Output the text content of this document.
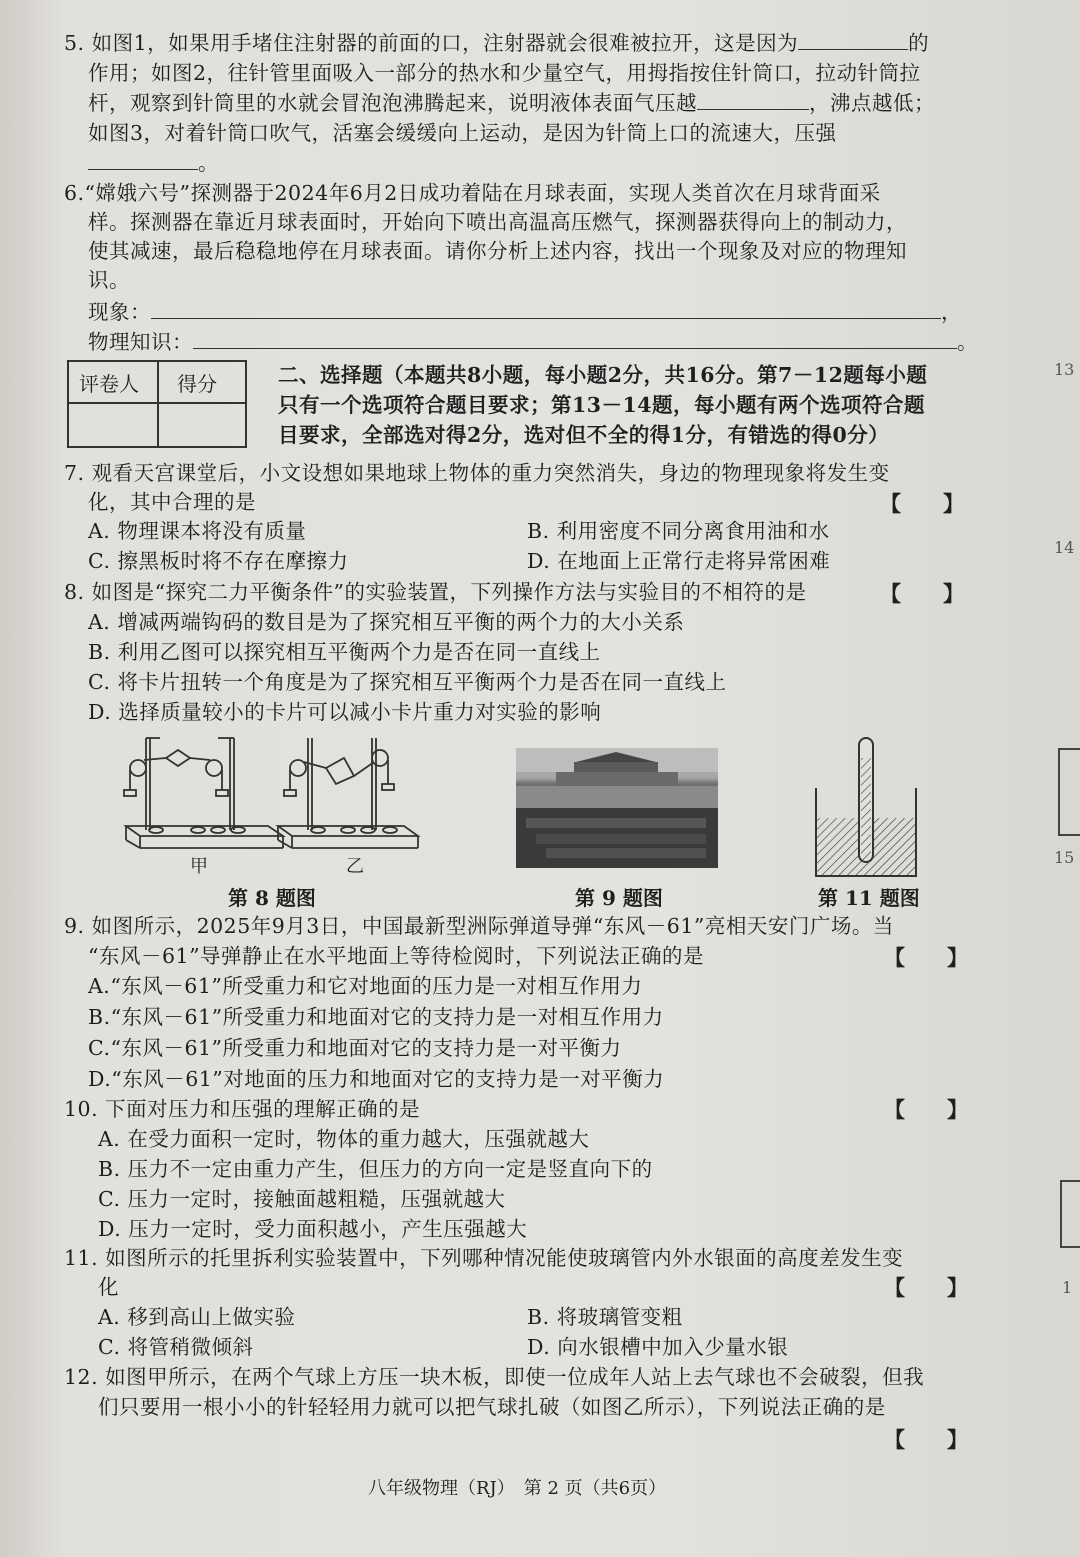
5. 如图1，如果用手堵住注射器的前面的口，注射器就会很难被拉开，这是因为	的
作用；如图2，往针管里面吸入一部分的热水和少量空气，用拇指按住针筒口，拉动针筒拉
杆，观察到针筒里的水就会冒泡泡沸腾起来，说明液体表面气压越	，沸点越低；
如图3，对着针筒口吹气，活塞会缓缓向上运动，是因为针筒上口的流速大，压强
。
6.“嫦娥六号”探测器于2024年6月2日成功着陆在月球表面，实现人类首次在月球背面采
样。探测器在靠近月球表面时，开始向下喷出高温高压燃气，探测器获得向上的制动力，
使其减速，最后稳稳地停在月球表面。请你分析上述内容，找出一个现象及对应的物理知
识。
现象：	，
物理知识：	。
评卷人 得分	二、选择题（本题共8小题，每小题2分，共16分。第7－12题每小题
只有一个选项符合题目要求；第13－14题，每小题有两个选项符合题
目要求，全部选对得2分，选对但不全的得1分，有错选的得0分）
7. 观看天宫课堂后，小文设想如果地球上物体的重力突然消失，身边的物理现象将发生变
化，其中合理的是	【　　】
A. 物理课本将没有质量	B. 利用密度不同分离食用油和水
C. 擦黑板时将不存在摩擦力	D. 在地面上正常行走将异常困难
8. 如图是“探究二力平衡条件”的实验装置，下列操作方法与实验目的不相符的是	【　　】
A. 增减两端钩码的数目是为了探究相互平衡的两个力的大小关系
B. 利用乙图可以探究相互平衡两个力是否在同一直线上
C. 将卡片扭转一个角度是为了探究相互平衡两个力是否在同一直线上
D. 选择质量较小的卡片可以减小卡片重力对实验的影响
甲	乙
第 8 题图	第 9 题图	第 11 题图
9. 如图所示，2025年9月3日，中国最新型洲际弹道导弹“东风－61”亮相天安门广场。当
“东风－61”导弹静止在水平地面上等待检阅时，下列说法正确的是	【　　】
A.“东风－61”所受重力和它对地面的压力是一对相互作用力
B.“东风－61”所受重力和地面对它的支持力是一对相互作用力
C.“东风－61”所受重力和地面对它的支持力是一对平衡力
D.“东风－61”对地面的压力和地面对它的支持力是一对平衡力
10. 下面对压力和压强的理解正确的是	【　　】
A. 在受力面积一定时，物体的重力越大，压强就越大
B. 压力不一定由重力产生，但压力的方向一定是竖直向下的
C. 压力一定时，接触面越粗糙，压强就越大
D. 压力一定时，受力面积越小，产生压强越大
11. 如图所示的托里拆利实验装置中，下列哪种情况能使玻璃管内外水银面的高度差发生变
化	【　　】
A. 移到高山上做实验	B. 将玻璃管变粗
C. 将管稍微倾斜	D. 向水银槽中加入少量水银
12. 如图甲所示，在两个气球上方压一块木板，即使一位成年人站上去气球也不会破裂，但我
们只要用一根小小的针轻轻用力就可以把气球扎破（如图乙所示），下列说法正确的是
【　　】
八年级物理（RJ）　第 2 页（共6页）
13
14
15
1
